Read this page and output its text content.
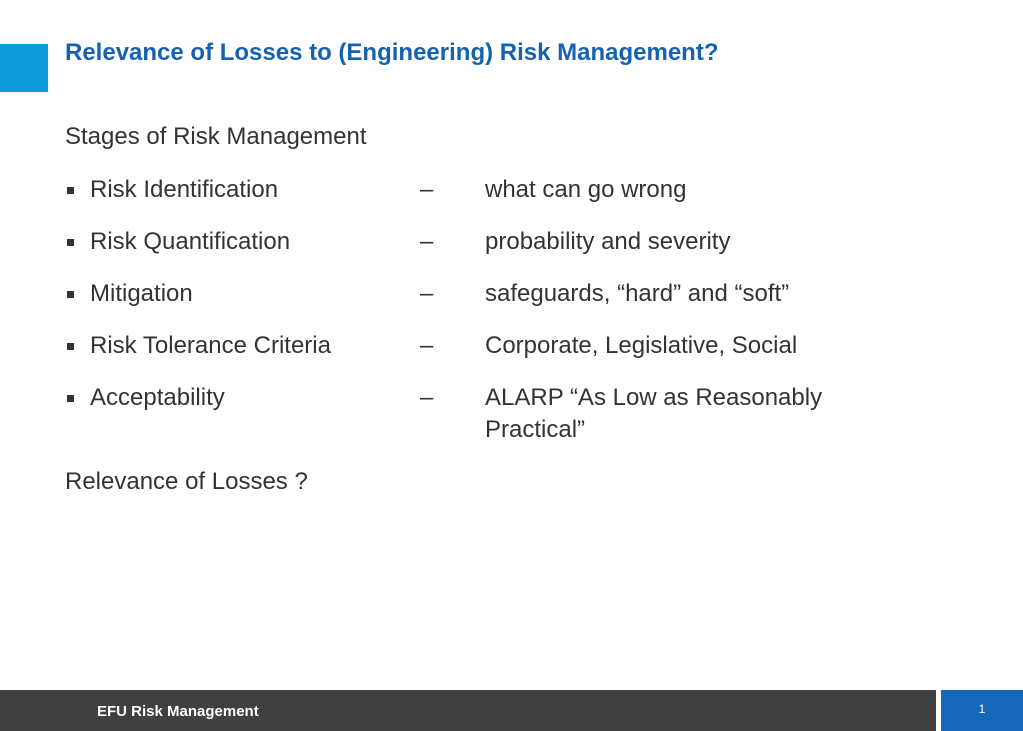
Relevance of Losses to (Engineering) Risk Management?
Stages of Risk Management
Risk Identification	– what can go wrong
Risk Quantification	– probability and severity
Mitigation	– safeguards, “hard” and “soft”
Risk Tolerance Criteria	– Corporate, Legislative, Social
Acceptability	– ALARP “As Low as Reasonably Practical”
Relevance of Losses ?
EFU Risk Management	1
